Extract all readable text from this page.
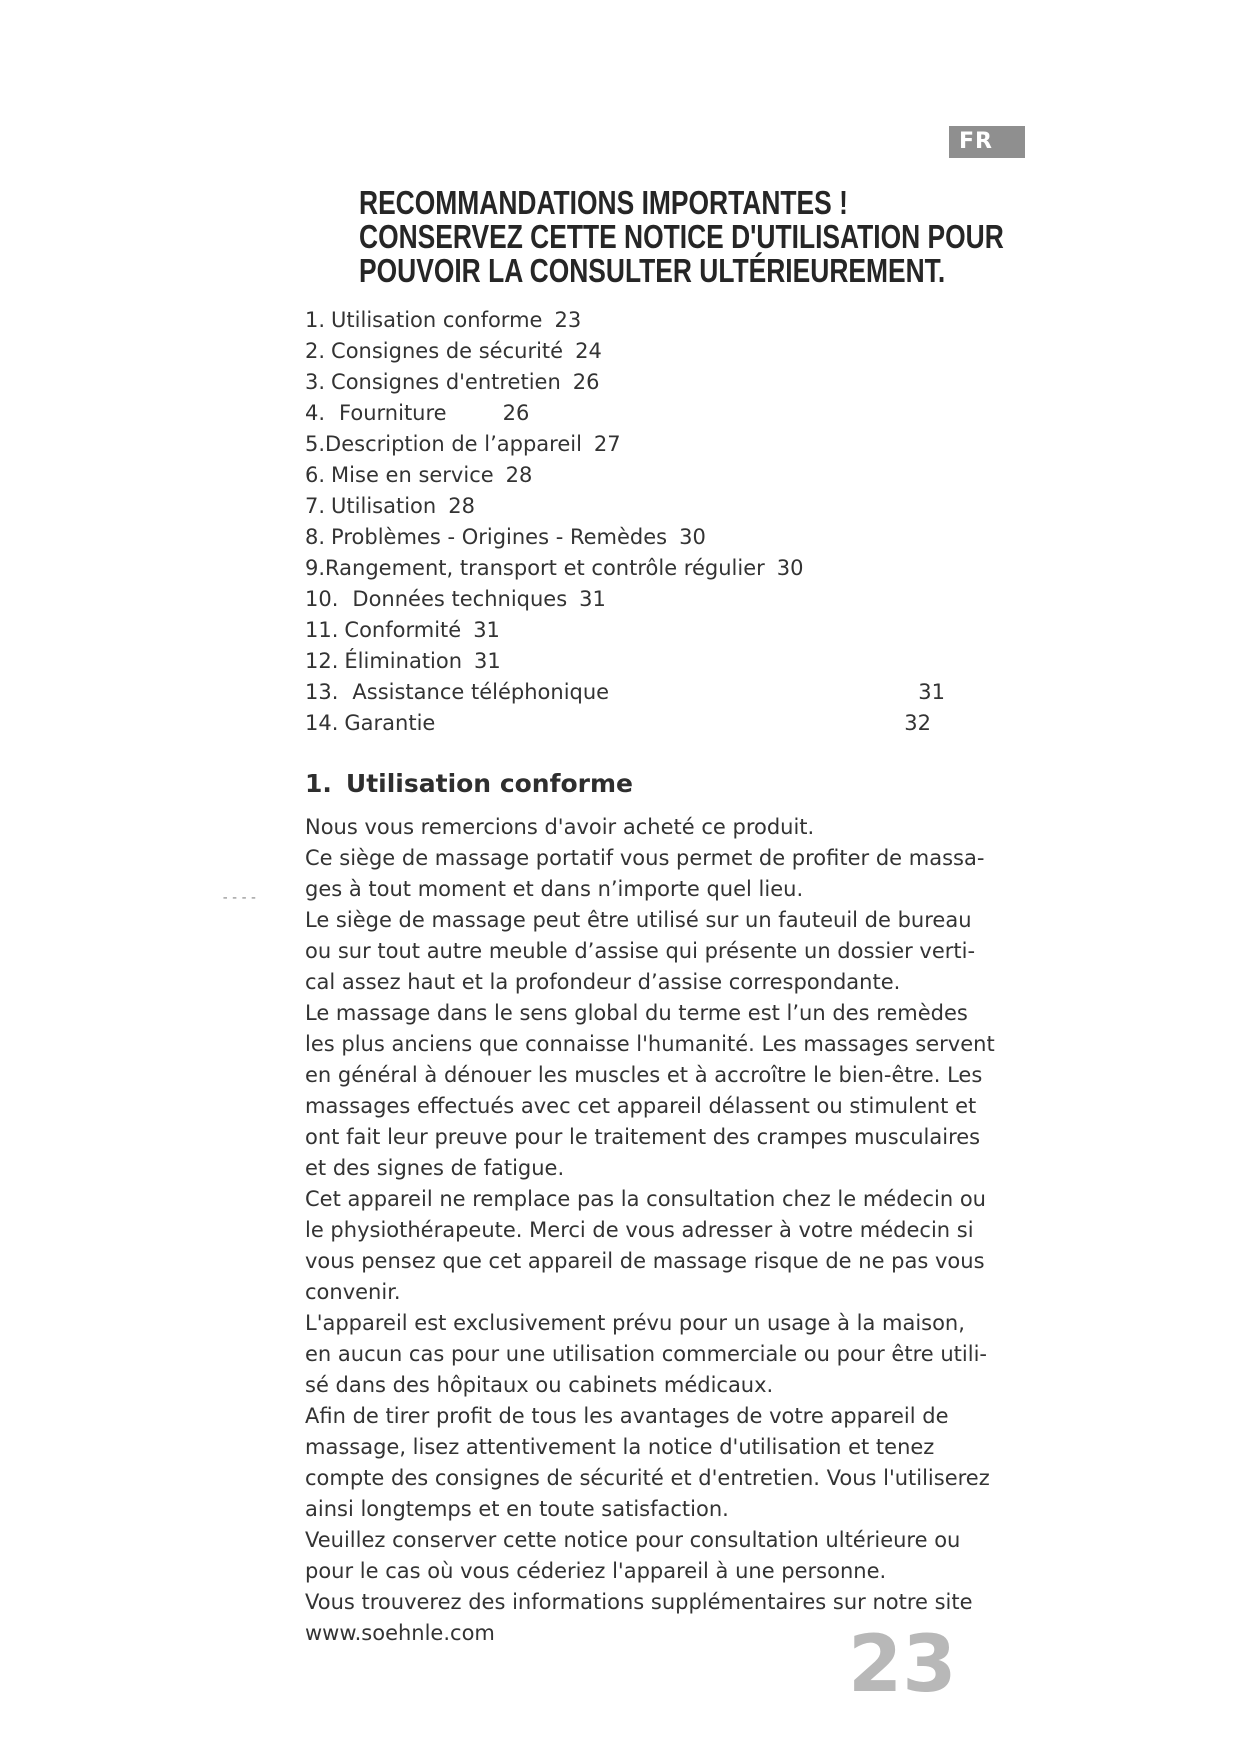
FR
----
RECOMMANDATIONS IMPORTANTES !
CONSERVEZ CETTE NOTICE D'UTILISATION POUR
POUVOIR LA CONSULTER ULTÉRIEUREMENT.
1. Utilisation conforme 23
2. Consignes de sécurité 24
3. Consignes d'entretien 26
4. Fourniture	26
5.Description de l’appareil 27
6. Mise en service 28
7. Utilisation 28
8. Problèmes - Origines - Remèdes 30
9.Rangement, transport et contrôle régulier 30
10. Données techniques 31
11. Conformité 31
12. Élimination 31
13. Assistance téléphonique	31
14. Garantie	32
1. Utilisation conforme
Nous vous remercions d'avoir acheté ce produit.
Ce siège de massage portatif vous permet de profiter de massa-
ges à tout moment et dans n’importe quel lieu.
Le siège de massage peut être utilisé sur un fauteuil de bureau
ou sur tout autre meuble d’assise qui présente un dossier verti-
cal assez haut et la profondeur d’assise correspondante.
Le massage dans le sens global du terme est l’un des remèdes
les plus anciens que connaisse l'humanité. Les massages servent
en général à dénouer les muscles et à accroître le bien-être. Les
massages effectués avec cet appareil délassent ou stimulent et
ont fait leur preuve pour le traitement des crampes musculaires
et des signes de fatigue.
Cet appareil ne remplace pas la consultation chez le médecin ou
le physiothérapeute. Merci de vous adresser à votre médecin si
vous pensez que cet appareil de massage risque de ne pas vous
convenir.
L'appareil est exclusivement prévu pour un usage à la maison,
en aucun cas pour une utilisation commerciale ou pour être utili-
sé dans des hôpitaux ou cabinets médicaux.
Afin de tirer profit de tous les avantages de votre appareil de
massage, lisez attentivement la notice d'utilisation et tenez
compte des consignes de sécurité et d'entretien. Vous l'utiliserez
ainsi longtemps et en toute satisfaction.
Veuillez conserver cette notice pour consultation ultérieure ou
pour le cas où vous céderiez l'appareil à une personne.
Vous trouverez des informations supplémentaires sur notre site
www.soehnle.com	23
